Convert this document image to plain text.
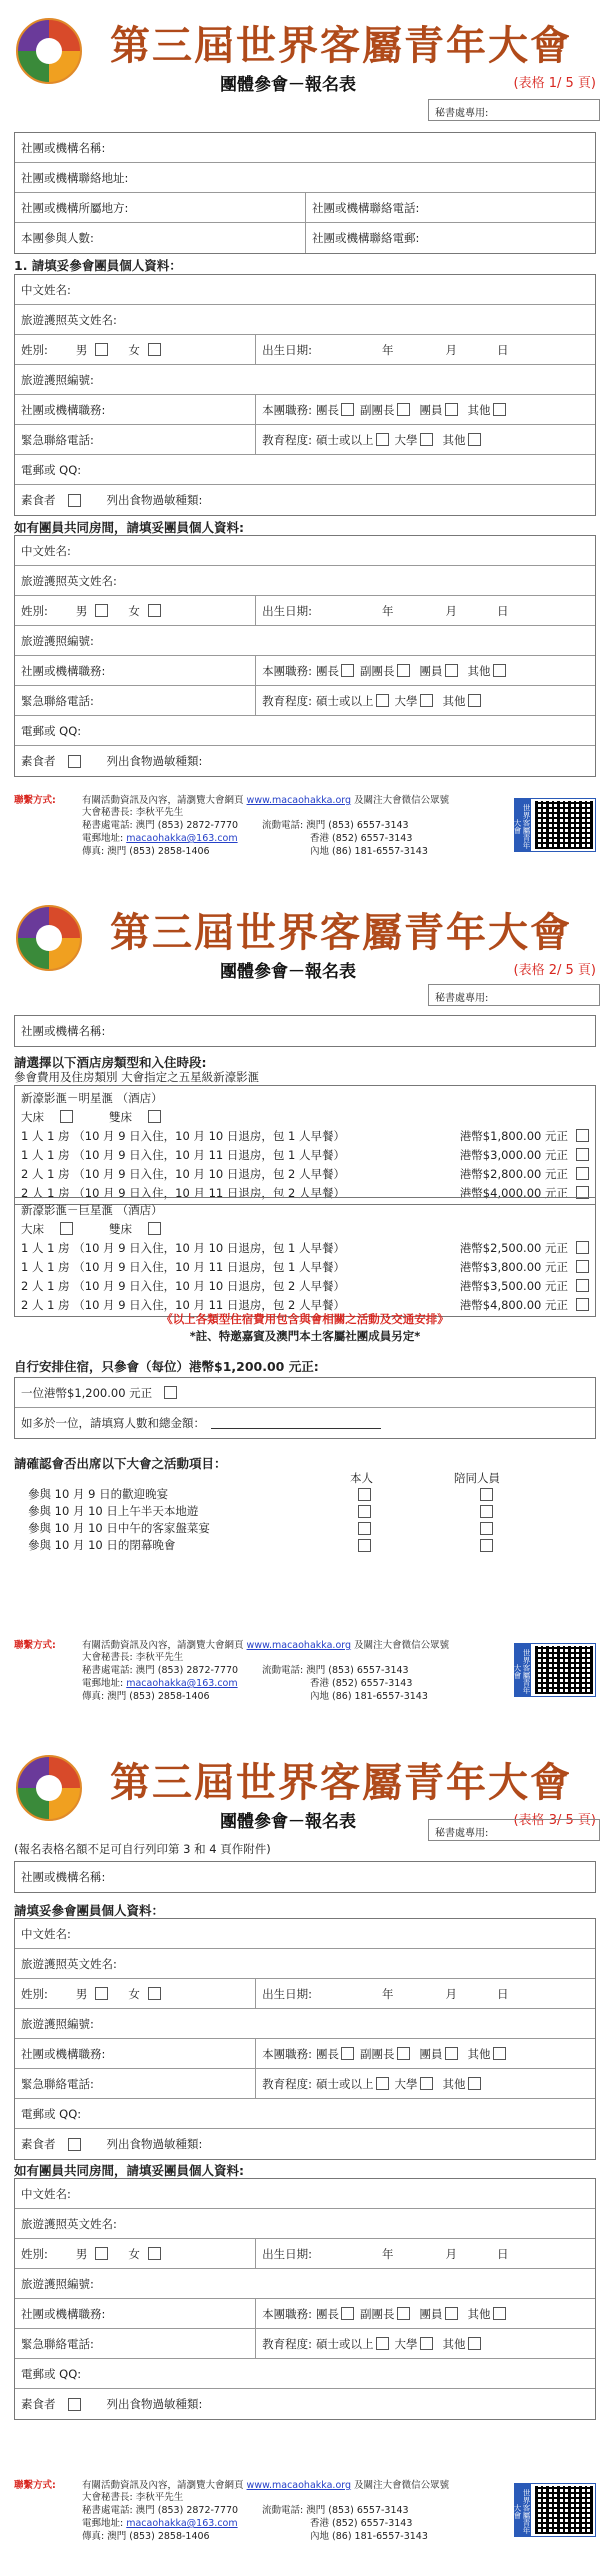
第三屆世界客屬青年大會
團體參會－報名表	(表格 1/ 5 頁)
秘書處專用:
社團或機構名稱:
社團或機構聯絡地址:
社團或機構所屬地方:	社團或機構聯絡電話:
本團參與人數:	社團或機構聯絡電郵:
1. 請填妥參會團員個人資料：
中文姓名:
旅遊護照英文姓名:
姓別: 男	女	出生日期:	年	月	日
旅遊護照編號:
社團或機構職務:	本團職務: 團長 副團長 團員 其他
緊急聯絡電話:	教育程度: 碩士或以上 大學 其他
電郵或 QQ:
素食者	列出食物過敏種類:
如有團員共同房間，請填妥團員個人資料:
中文姓名:
旅遊護照英文姓名:
姓別: 男	女	出生日期:	年	月	日
旅遊護照編號:
社團或機構職務:	本團職務: 團長 副團長 團員 其他
緊急聯絡電話:	教育程度: 碩士或以上 大學 其他
電郵或 QQ:
素食者	列出食物過敏種類:
聯繫方式:	有關活動資訊及內容，請瀏覽大會網頁 www.macaohakka.org 及關注大會微信公眾號
大會秘書長: 李秋平先生
秘書處電話: 澳門 (853) 2872-7770
電郵地址: macaohakka@163.com
傳真: 澳門 (853) 2858-1406
流動電話: 澳門 (853) 6557-3143
香港 (852) 6557-3143
內地 (86) 181-6557-3143
世界客屬青年大會
第三屆世界客屬青年大會
團體參會－報名表	(表格 2/ 5 頁)
秘書處專用:
社團或機構名稱:
請選擇以下酒店房類型和入住時段:
參會費用及住房類別 大會指定之五星級新濠影滙
新濠影滙－明星滙 （酒店）
大床	雙床
1 人 1 房 （10 月 9 日入住，10 月 10 日退房，包 1 人早餐）	港幣$1,800.00 元正
1 人 1 房 （10 月 9 日入住，10 月 11 日退房，包 1 人早餐）	港幣$3,000.00 元正
2 人 1 房 （10 月 9 日入住，10 月 10 日退房，包 2 人早餐）	港幣$2,800.00 元正
2 人 1 房 （10 月 9 日入住，10 月 11 日退房，包 2 人早餐）	港幣$4,000.00 元正
新濠影滙－巨星滙 （酒店）
大床	雙床
1 人 1 房 （10 月 9 日入住，10 月 10 日退房，包 1 人早餐）	港幣$2,500.00 元正
1 人 1 房 （10 月 9 日入住，10 月 11 日退房，包 1 人早餐）	港幣$3,800.00 元正
2 人 1 房 （10 月 9 日入住，10 月 10 日退房，包 2 人早餐）	港幣$3,500.00 元正
2 人 1 房 （10 月 9 日入住，10 月 11 日退房，包 2 人早餐）	港幣$4,800.00 元正
《以上各類型住宿費用包含與會相關之活動及交通安排》
*註、特邀嘉賓及澳門本土客屬社團成員另定*
自行安排住宿，只參會（每位）港幣$1,200.00 元正:
一位港幣$1,200.00 元正
如多於一位，請填寫人數和總金額：
請確認會否出席以下大會之活動項目：
本人	陪同人員
參與 10 月 9 日的歡迎晚宴
參與 10 月 10 日上午半天本地遊
參與 10 月 10 日中午的客家盤菜宴
參與 10 月 10 日的閉幕晚會
聯繫方式:	有關活動資訊及內容，請瀏覽大會網頁 www.macaohakka.org 及關注大會微信公眾號
大會秘書長: 李秋平先生
秘書處電話: 澳門 (853) 2872-7770
電郵地址: macaohakka@163.com
傳真: 澳門 (853) 2858-1406
流動電話: 澳門 (853) 6557-3143
香港 (852) 6557-3143
內地 (86) 181-6557-3143
世界客屬青年大會
第三屆世界客屬青年大會
團體參會－報名表	(表格 3/ 5 頁)
秘書處專用:
(報名表格名額不足可自行列印第 3 和 4 頁作附件)
社團或機構名稱:
請填妥參會團員個人資料：
中文姓名:
旅遊護照英文姓名:
姓別: 男	女	出生日期:	年	月	日
旅遊護照編號:
社團或機構職務:	本團職務: 團長 副團長 團員 其他
緊急聯絡電話:	教育程度: 碩士或以上 大學 其他
電郵或 QQ:
素食者	列出食物過敏種類:
如有團員共同房間，請填妥團員個人資料:
中文姓名:
旅遊護照英文姓名:
姓別: 男	女	出生日期:	年	月	日
旅遊護照編號:
社團或機構職務:	本團職務: 團長 副團長 團員 其他
緊急聯絡電話:	教育程度: 碩士或以上 大學 其他
電郵或 QQ:
素食者	列出食物過敏種類:
聯繫方式:	有關活動資訊及內容，請瀏覽大會網頁 www.macaohakka.org 及關注大會微信公眾號
大會秘書長: 李秋平先生
秘書處電話: 澳門 (853) 2872-7770
電郵地址: macaohakka@163.com
傳真: 澳門 (853) 2858-1406
流動電話: 澳門 (853) 6557-3143
香港 (852) 6557-3143
內地 (86) 181-6557-3143
世界客屬青年大會
